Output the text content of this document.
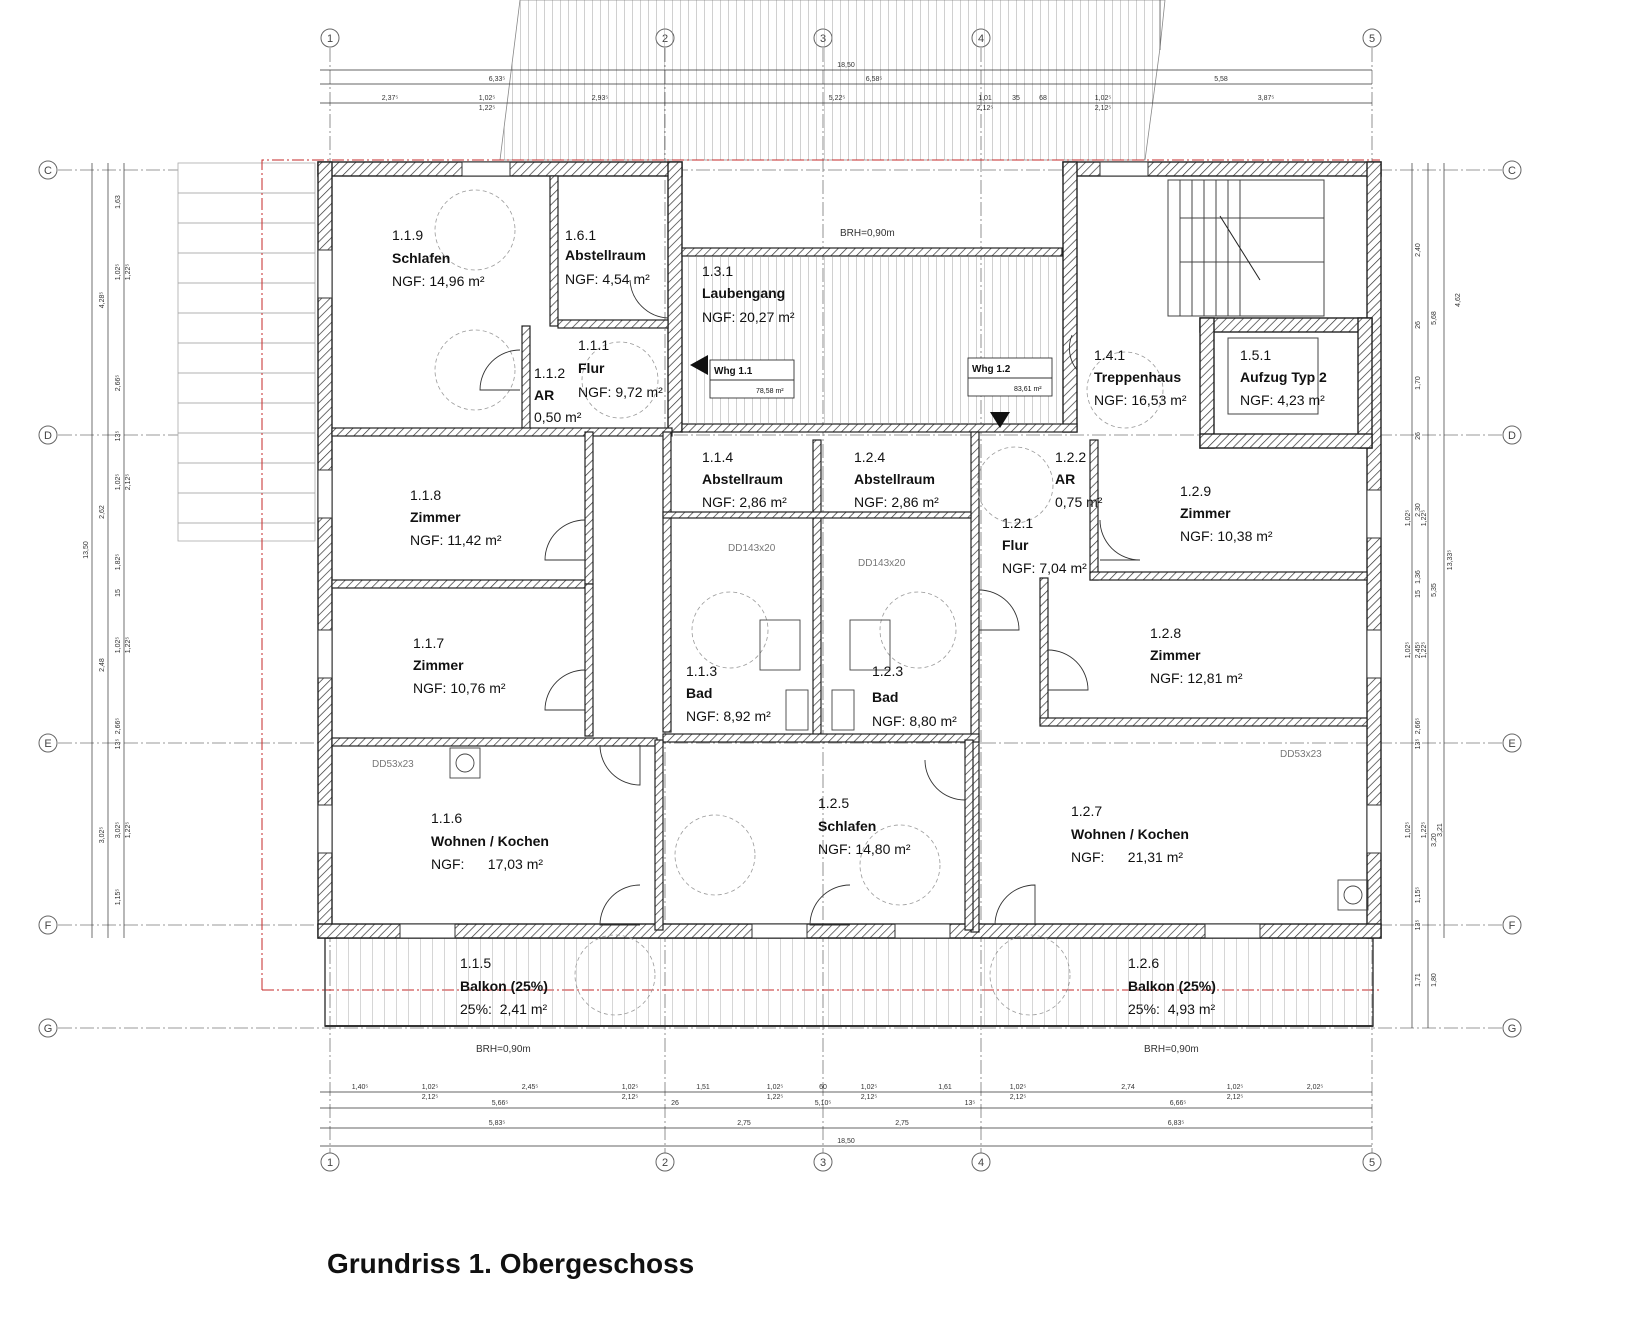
1	5
1	2	3	4	5
C
D
E
F
G
C
D
E
F
G
Whg 1.1
78,58 m²
Whg 1.2
83,61 m²
1.1.9
Schlafen
NGF: 14,96 m²
1.6.1
Abstellraum
NGF: 4,54 m²	1.3.1
Laubengang
NGF: 20,27 m²
1.1.2
AR
0,50 m²
1.1.1
Flur
NGF: 9,72 m²
1.4.1
Treppenhaus
NGF: 16,53 m²
1.5.1
Aufzug Typ 2
NGF: 4,23 m²
1.1.8
Zimmer
NGF: 11,42 m²
1.1.4
Abstellraum
NGF: 2,86 m²
1.2.4
Abstellraum
NGF: 2,86 m²
1.2.2
AR
0,75 m²
1.2.1
Flur
NGF: 7,04 m²
1.2.9
Zimmer
NGF: 10,38 m²
1.1.7
Zimmer
NGF: 10,76 m²
1.1.3
Bad
NGF: 8,92 m²
1.2.3
Bad
NGF: 8,80 m²
1.2.8
Zimmer
NGF: 12,81 m²
1.1.6
Wohnen / Kochen
NGF:      17,03 m²
1.2.5
Schlafen
NGF: 14,80 m²
1.2.7
Wohnen / Kochen
NGF:      21,31 m²
1.1.5
Balkon (25%)
25%:  2,41 m²
1.2.6
Balkon (25%)
25%:  4,93 m²
BRH=0,90m
BRH=0,90m	BRH=0,90m
DD143x20
DD143x20
DD53x23
DD53x23
18,50
6,33⁵	6,58⁵	5,58
2,37⁵	1,02⁵	2,93⁵	5,22⁵	1,01	35	68	1,02⁵	3,87⁵
1,22⁵	2,12⁵	2,12⁵
1,40⁵	1,02⁵	2,45⁵	1,02⁵	1,51	1,02⁵	60	1,02⁵	1,61	1,02⁵	2,74	1,02⁵	2,02⁵
2,12⁵	2,12⁵	1,22⁵	2,12⁵	2,12⁵	2,12⁵
5,66⁵	26	5,10⁵	13⁵	6,66⁵
5,83⁵	2,75	2,75	6,83⁵
18,50
13,50
4,28⁵
2,62
2,48
3,02⁵
1,63
1,02⁵
2,66⁵
13⁵
1,02⁵
1,82⁵
15
1,02⁵
2,66⁵
13⁵
3,02⁵
1,15⁵
1,22⁵
2,12⁵
1,22⁵
1,22⁵
13,33⁵
5,68
5,35
3,20
1,80
2,40
4,62
26
1,70
26
2,30
1,36
15
2,45⁵
2,66⁵
13⁵
3,21
1,15⁵
13⁵
1,71
1,02⁵ 1,22⁵
1,02⁵ 1,22⁵
1,02⁵ 1,22⁵
Grundriss 1. Obergeschoss
